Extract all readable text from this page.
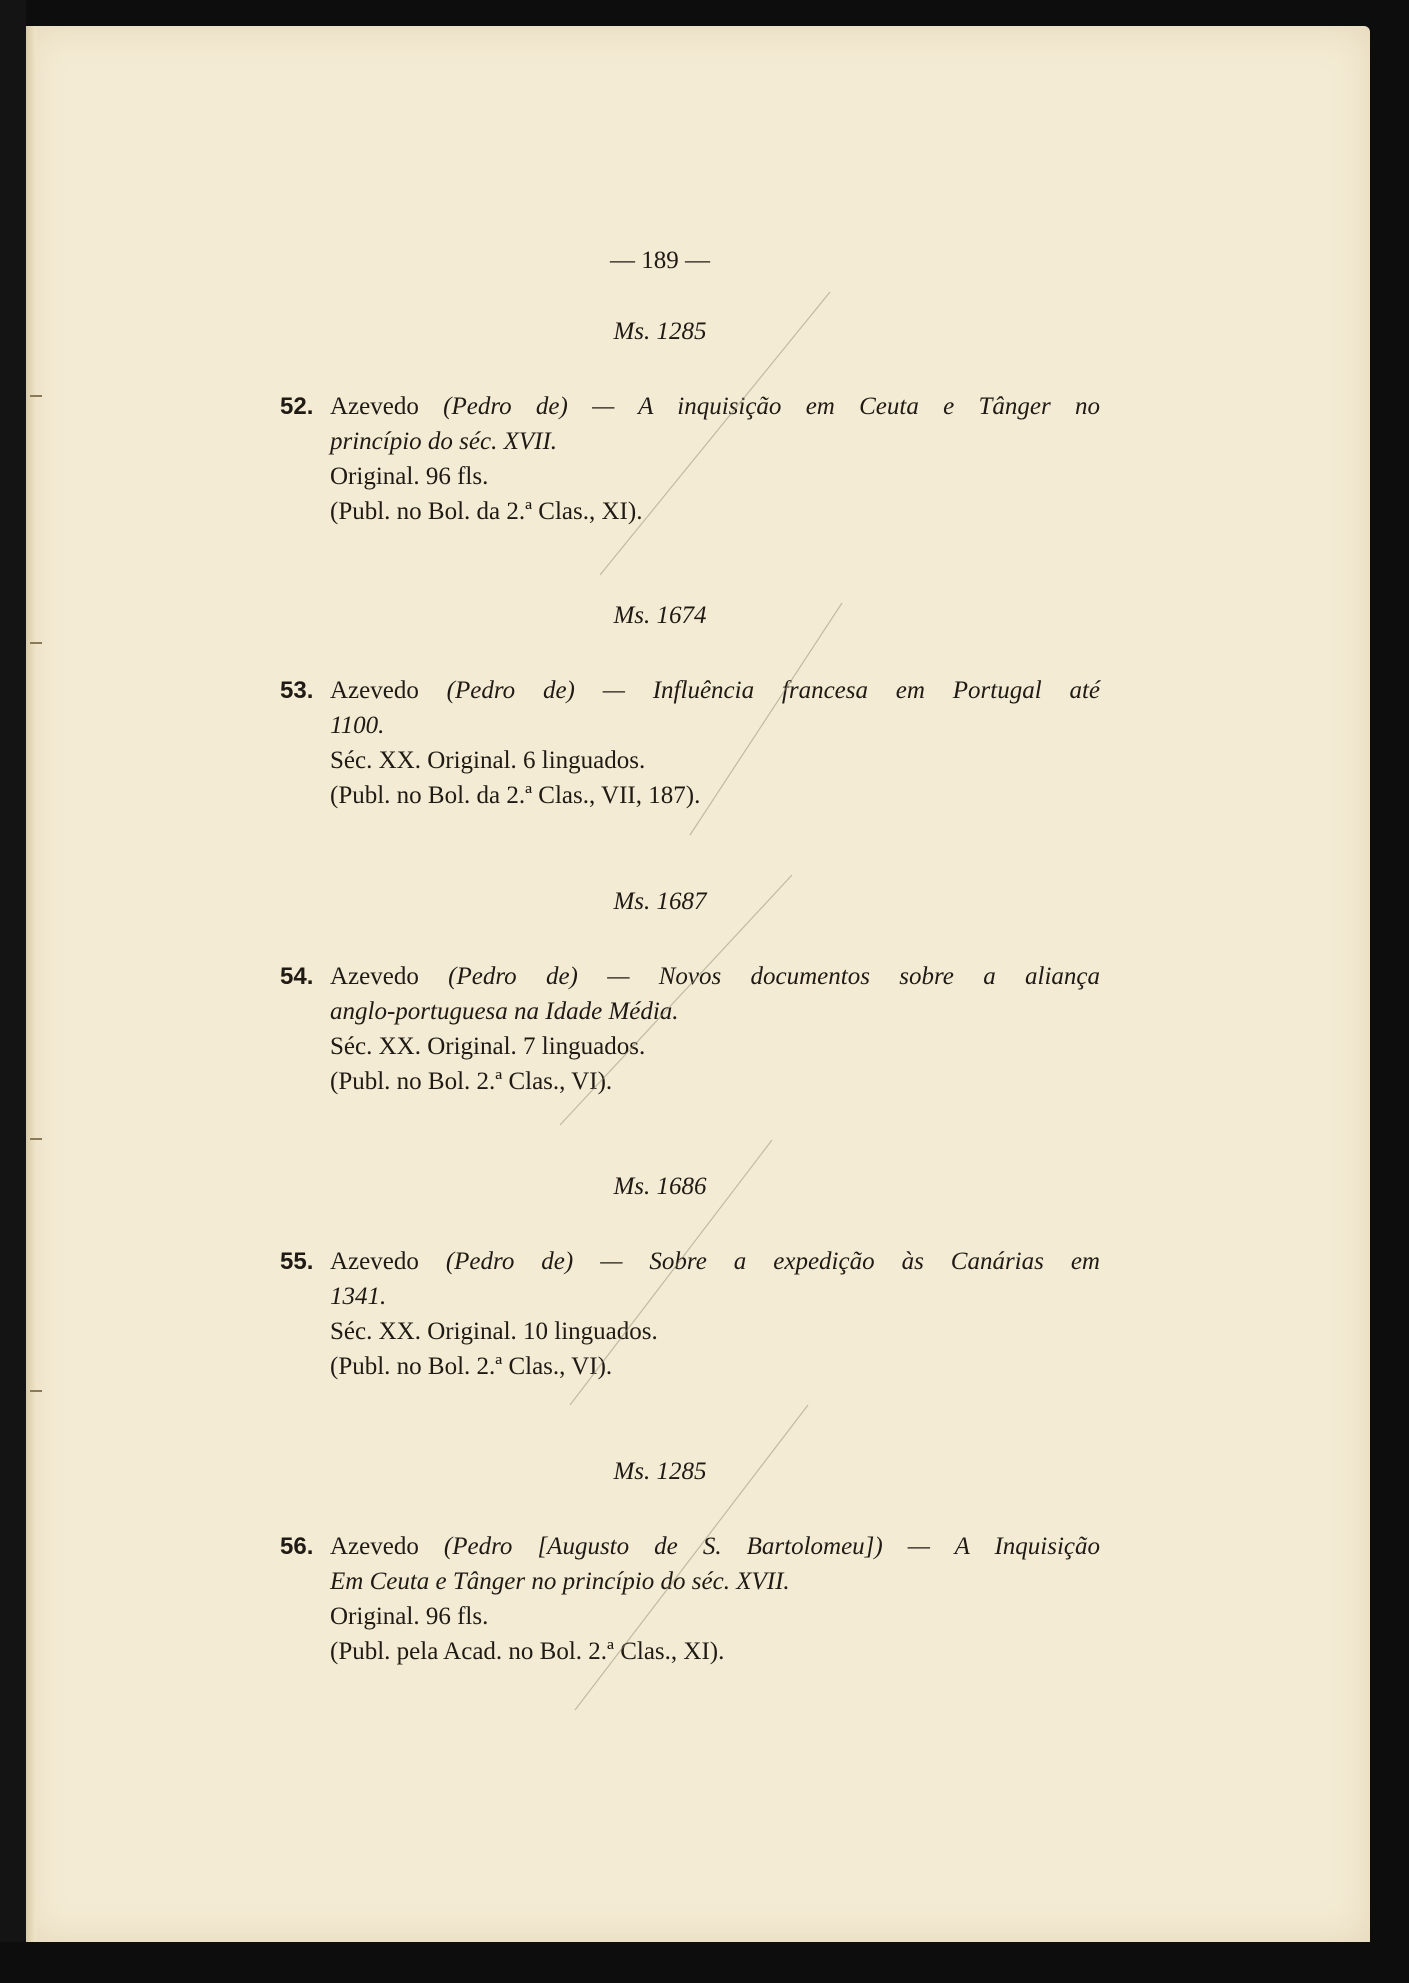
— 189 —
Ms. 1285
52. Azevedo (Pedro de) — A inquisição em Ceuta e Tânger no
princípio do séc. XVII.
Original. 96 fls.
(Publ. no Bol. da 2.ª Clas., XI).
Ms. 1674
53. Azevedo (Pedro de) — Influência francesa em Portugal até
1100.
Séc. XX. Original. 6 linguados.
(Publ. no Bol. da 2.ª Clas., VII, 187).
Ms. 1687
54. Azevedo (Pedro de) — Novos documentos sobre a aliança
anglo-portuguesa na Idade Média.
Séc. XX. Original. 7 linguados.
(Publ. no Bol. 2.ª Clas., VI).
Ms. 1686
55. Azevedo (Pedro de) — Sobre a expedição às Canárias em
1341.
Séc. XX. Original. 10 linguados.
(Publ. no Bol. 2.ª Clas., VI).
Ms. 1285
56. Azevedo (Pedro [Augusto de S. Bartolomeu]) — A Inquisição
Em Ceuta e Tânger no princípio do séc. XVII.
Original. 96 fls.
(Publ. pela Acad. no Bol. 2.ª Clas., XI).
